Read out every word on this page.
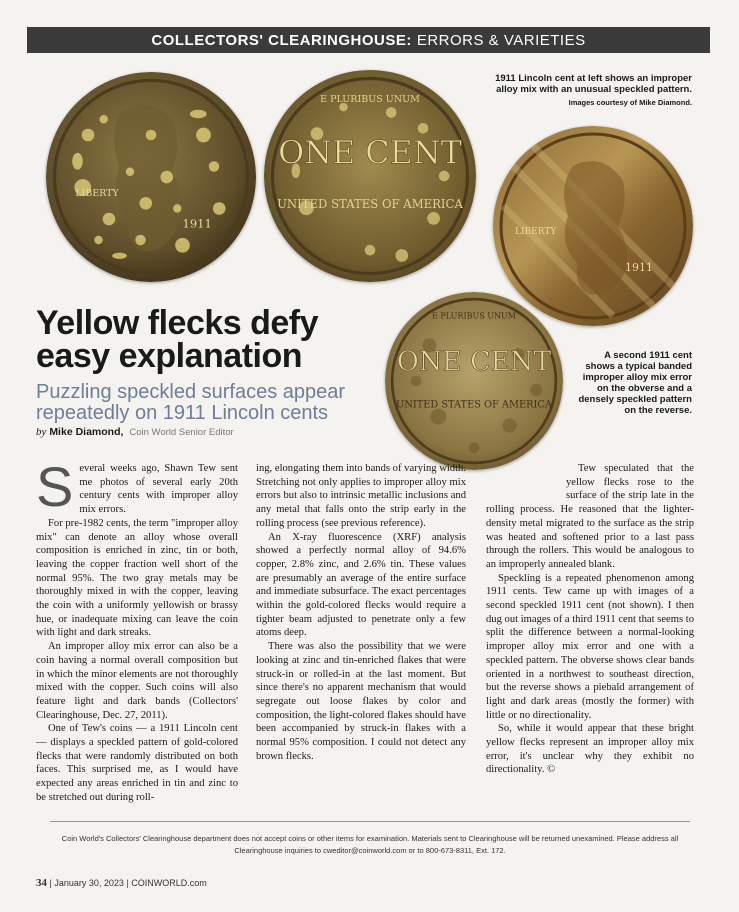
COLLECTORS' CLEARINGHOUSE: ERRORS & VARIETIES
LIBERTY
1911
E PLURIBUS UNUM
ONE CENT
UNITED STATES OF AMERICA
LIBERTY
1911
E PLURIBUS UNUM
ONE CENT
UNITED STATES OF AMERICA
1911 Lincoln cent at left shows an improper alloy mix with an unusual speckled pattern.
Images courtesy of Mike Diamond.
A second 1911 cent shows a typical banded improper alloy mix error on the obverse and a densely speckled pattern on the reverse.
Yellow flecks defy easy explanation
Puzzling speckled surfaces appear repeatedly on 1911 Lincoln cents
by Mike Diamond, Coin World Senior Editor
S everal weeks ago, Shawn Tew sent me photos of several early 20th century cents with improper alloy mix errors.

For pre-1982 cents, the term "improper alloy mix" can denote an alloy whose overall composition is enriched in zinc, tin or both, leaving the copper fraction well short of the normal 95%. The two gray metals may be thoroughly mixed in with the copper, leaving the coin with a uniformly yellowish or brassy hue, or inadequate mixing can leave the coin with light and dark streaks.

An improper alloy mix error can also be a coin having a normal overall composition but in which the minor elements are not thoroughly mixed with the copper. Such coins will also feature light and dark bands (Collectors' Clearinghouse, Dec. 27, 2011).

One of Tew's coins — a 1911 Lincoln cent — displays a speckled pattern of gold-colored flecks that were randomly distributed on both faces. This surprised me, as I would have expected any areas enriched in tin and zinc to be stretched out during roll-

ing, elongating them into bands of varying width. Stretching not only applies to improper alloy mix errors but also to intrinsic metallic inclusions and any metal that falls onto the strip early in the rolling process (see previous reference).

An X-ray fluorescence (XRF) analysis showed a perfectly normal alloy of 94.6% copper, 2.8% zinc, and 2.6% tin. These values are presumably an average of the entire surface and immediate subsurface. The exact percentages within the gold-colored flecks would require a tighter beam adjusted to penetrate only a few atoms deep.

There was also the possibility that we were looking at zinc and tin-enriched flakes that were struck-in or rolled-in at the last moment. But since there's no apparent mechanism that would segregate out loose flakes by color and composition, the light-colored flakes should have been accompanied by struck-in flakes with a normal 95% composition. I could not detect any brown flecks.

Tew speculated that the yellow flecks rose to the surface of the strip late in the rolling process. He reasoned that the lighter-density metal migrated to the surface as the strip was heated and softened prior to a last pass through the rollers. This would be analogous to an improperly annealed blank.

Speckling is a repeated phenomenon among 1911 cents. Tew came up with images of a second speckled 1911 cent (not shown). I then dug out images of a third 1911 cent that seems to split the difference between a normal-looking improper alloy mix error and one with a speckled pattern. The obverse shows clear bands oriented in a northwest to southeast direction, but the reverse shows a piebald arrangement of light and dark areas (mostly the former) with little or no directionality.

So, while it would appear that these bright yellow flecks represent an improper alloy mix error, it's unclear why they exhibit no directionality. ©

Coin World's Collectors' Clearinghouse department does not accept coins or other items for examination. Materials sent to Clearinghouse will be returned unexamined. Please address all Clearinghouse inquiries to cweditor@coinworld.com or to 800-673-8311, Ext. 172.
34 | January 30, 2023 | COINWORLD.com
